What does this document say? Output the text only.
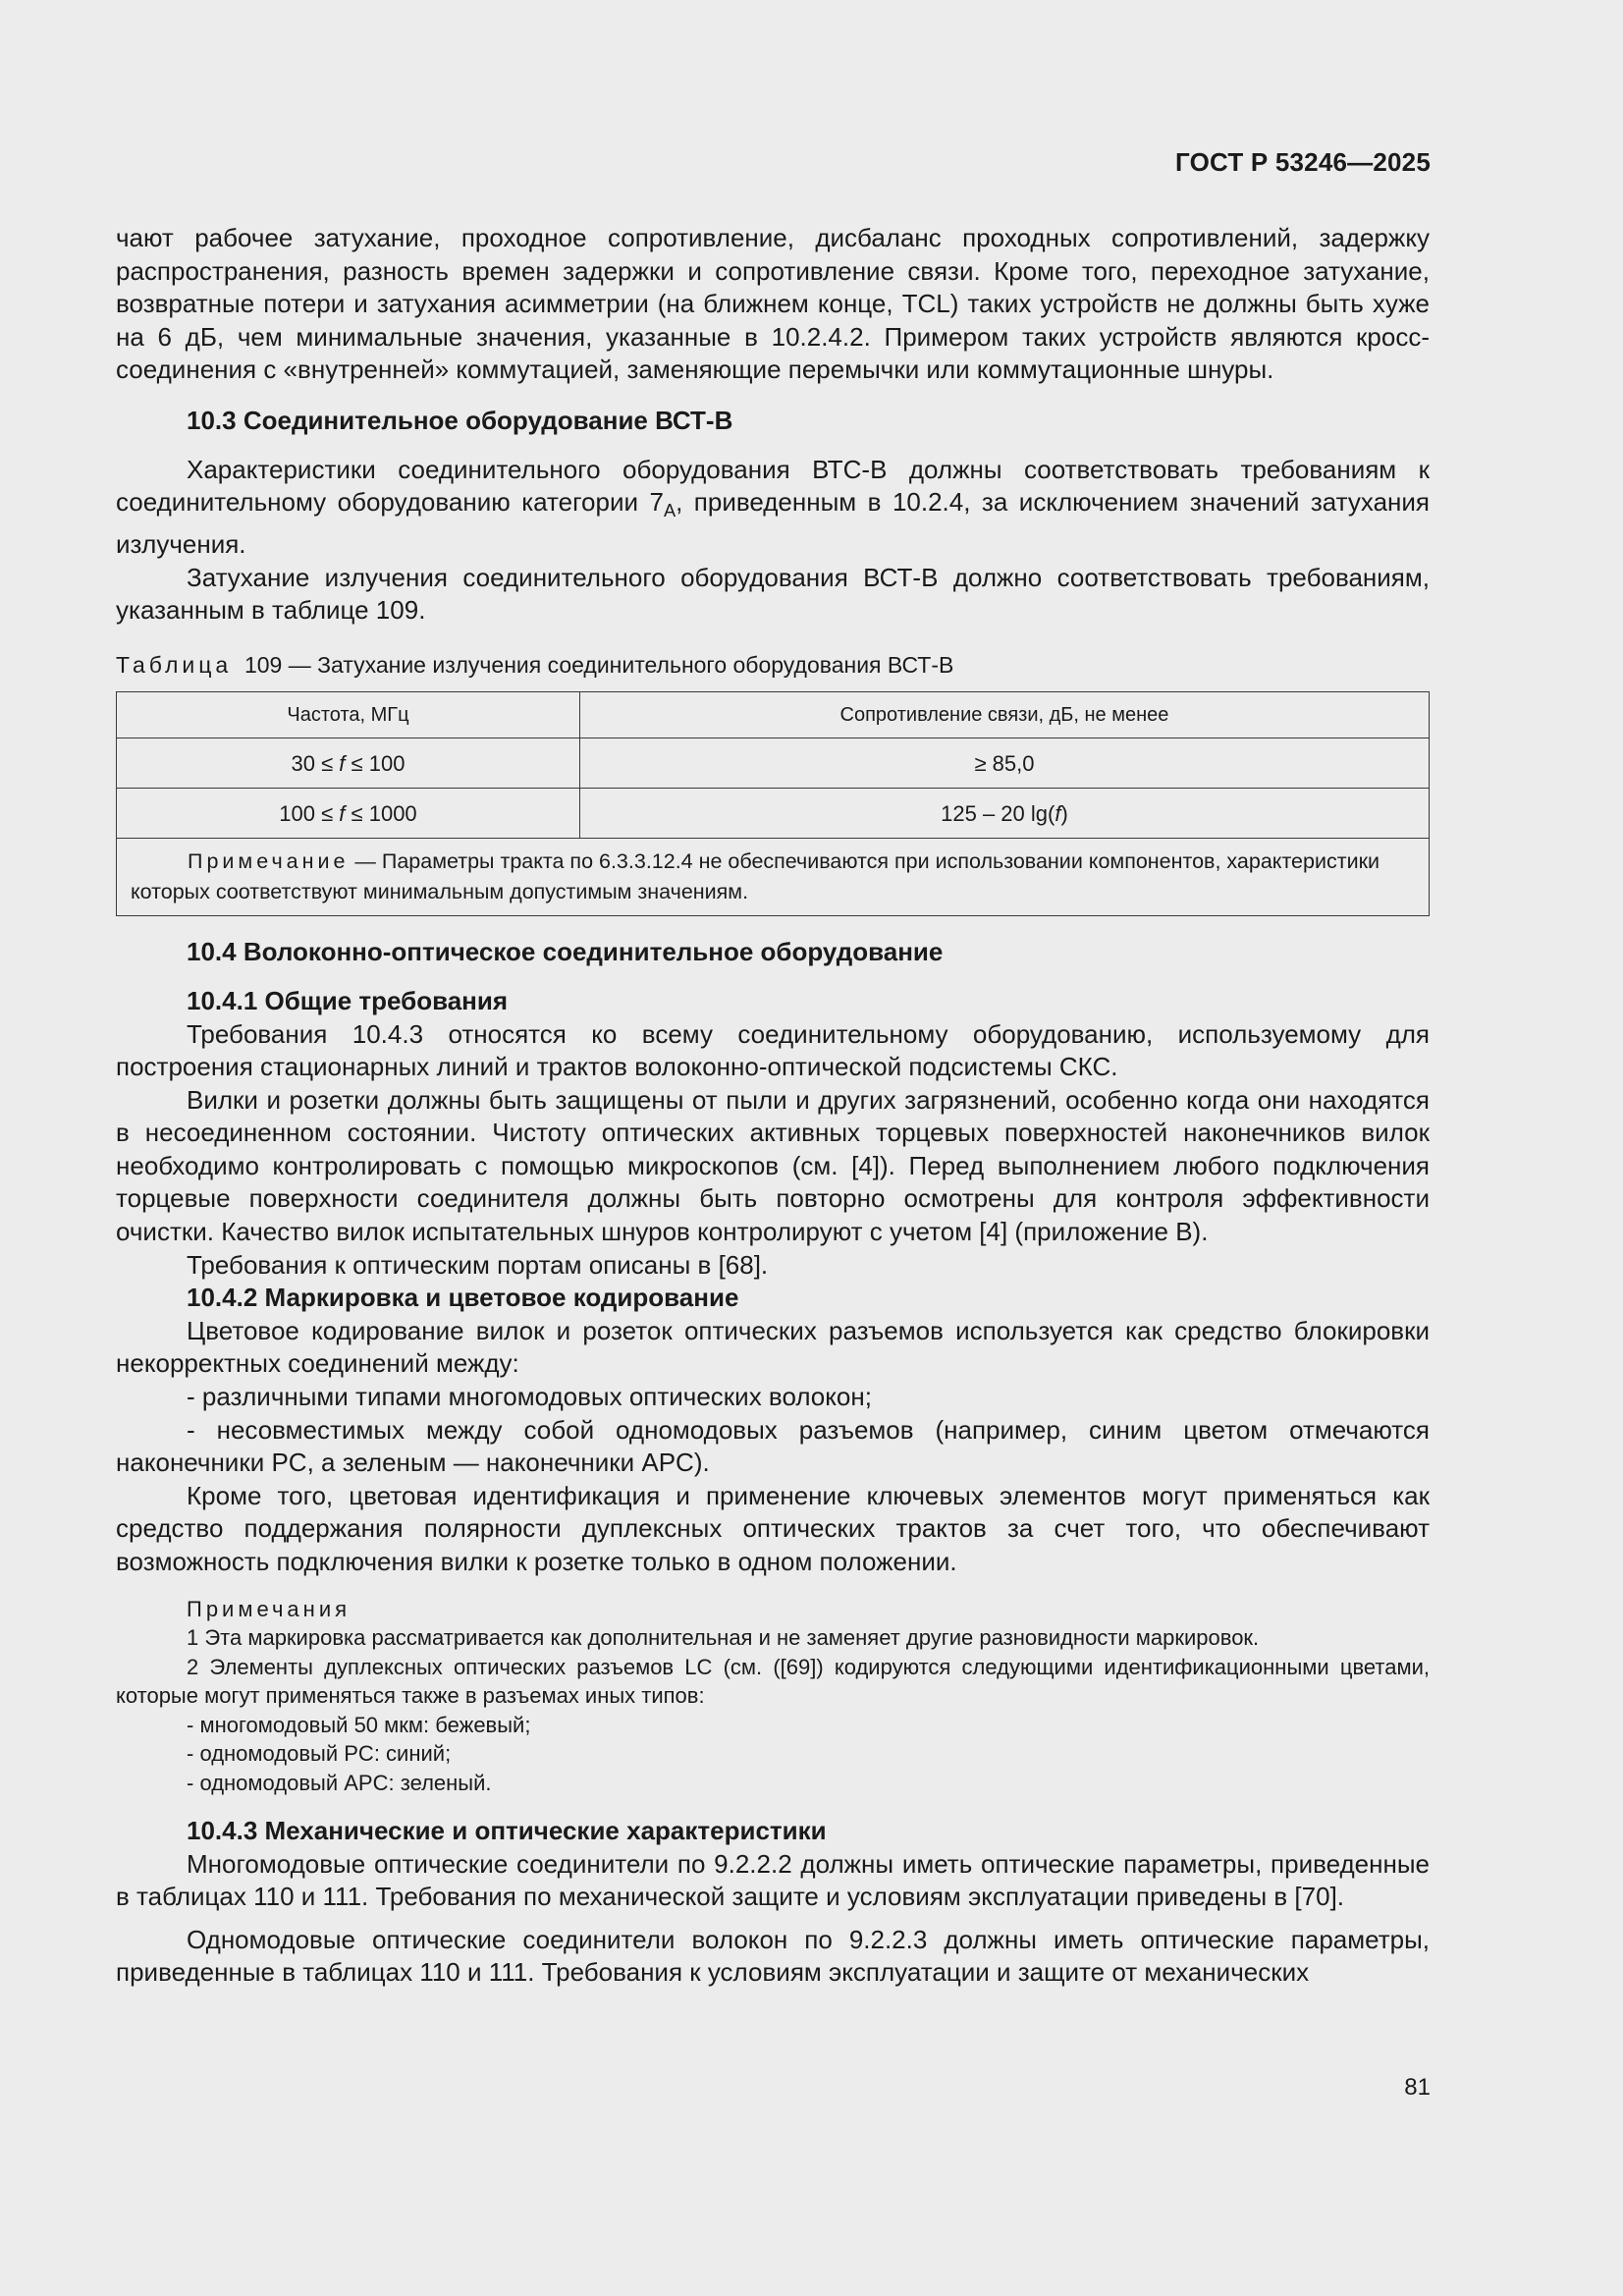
ГОСТ Р 53246—2025

чают рабочее затухание, проходное сопротивление, дисбаланс проходных сопротивлений, задержку распространения, разность времен задержки и сопротивление связи. Кроме того, переходное затухание, возвратные потери и затухания асимметрии (на ближнем конце, TCL) таких устройств не должны быть хуже на 6 дБ, чем минимальные значения, указанные в 10.2.4.2. Примером таких устройств являются кросс-соединения с «внутренней» коммутацией, заменяющие перемычки или коммутационные шнуры.

10.3 Соединительное оборудование ВСТ-В

Характеристики соединительного оборудования ВТС-В должны соответствовать требованиям к соединительному оборудованию категории $7_A$, приведенным в 10.2.4, за исключением значений затухания излучения.

Затухание излучения соединительного оборудования ВСТ-В должно соответствовать требованиям, указанным в таблице 109.

Таблица 109 — Затухание излучения соединительного оборудования ВСТ-В
Частота, МГц	Сопротивление связи, дБ, не менее
30 ≤ f ≤ 100	≥ 85,0
100 ≤ f ≤ 1000	125 – 20 lg(f)

Примечание — Параметры тракта по 6.3.3.12.4 не обеспечиваются при использовании компонентов, характеристики которых соответствуют минимальным допустимым значениям.	
10.4 Волоконно-оптическое соединительное оборудование
10.4.1 Общие требования

Требования 10.4.3 относятся ко всему соединительному оборудованию, используемому для построения стационарных линий и трактов волоконно-оптической подсистемы СКС.

Вилки и розетки должны быть защищены от пыли и других загрязнений, особенно когда они находятся в несоединенном состоянии. Чистоту оптических активных торцевых поверхностей наконечников вилок необходимо контролировать с помощью микроскопов (см. [4]). Перед выполнением любого подключения торцевые поверхности соединителя должны быть повторно осмотрены для контроля эффективности очистки. Качество вилок испытательных шнуров контролируют с учетом [4] (приложение В).

Требования к оптическим портам описаны в [68].

10.4.2 Маркировка и цветовое кодирование

Цветовое кодирование вилок и розеток оптических разъемов используется как средство блокировки некорректных соединений между:

- различными типами многомодовых оптических волокон;

- несовместимых между собой одномодовых разъемов (например, синим цветом отмечаются наконечники PC, а зеленым — наконечники APC).

Кроме того, цветовая идентификация и применение ключевых элементов могут применяться как средство поддержания полярности дуплексных оптических трактов за счет того, что обеспечивают возможность подключения вилки к розетке только в одном положении.

Примечания

1 Эта маркировка рассматривается как дополнительная и не заменяет другие разновидности маркировок.

2 Элементы дуплексных оптических разъемов LC (см. ([69]) кодируются следующими идентификационными цветами, которые могут применяться также в разъемах иных типов:

- многомодовый 50 мкм: бежевый;
- одномодовый PC: синий;
- одномодовый APC: зеленый.
10.4.3 Механические и оптические характеристики

Многомодовые оптические соединители по 9.2.2.2 должны иметь оптические параметры, приведенные в таблицах 110 и 111. Требования по механической защите и условиям эксплуатации приведены в [70].

Одномодовые оптические соединители волокон по 9.2.2.3 должны иметь оптические параметры, приведенные в таблицах 110 и 111. Требования к условиям эксплуатации и защите от механических

81
